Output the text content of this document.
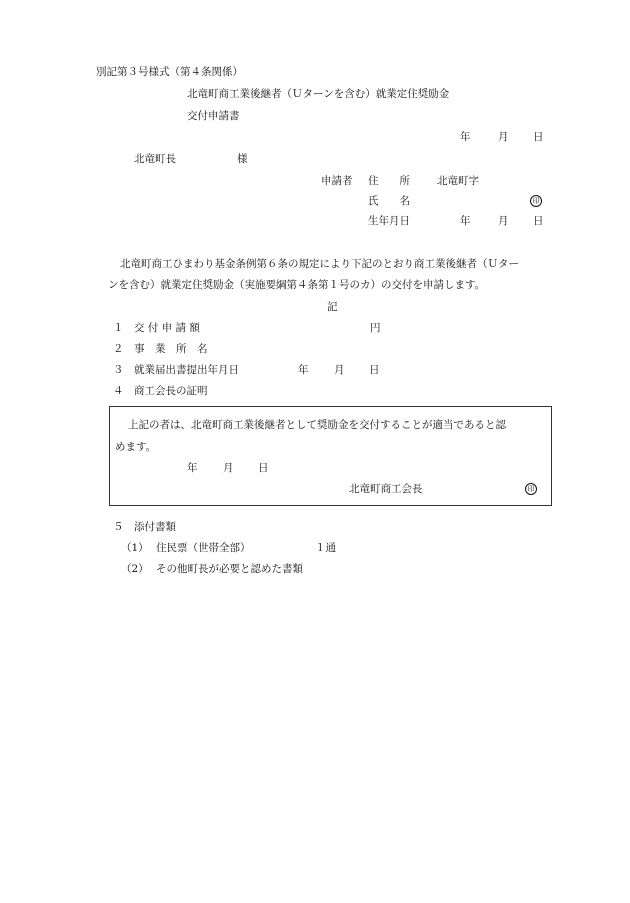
別記第３号様式（第４条関係）
北竜町商工業後継者（Ｕターンを含む）就業定住奨励金
交付申請書
年	月 日
北竜町長	様
申請者 住　　所	北竜町字
氏　　名	印
生年月日	年	月 日
北竜町商工ひまわり基金条例第６条の規定により下記のとおり商工業後継者（Ｕター
ンを含む）就業定住奨励金（実施要綱第４条第１号のカ）の交付を申請します。
記
１ 交 付 申 請 額	円
２ 事　業　所　名
３ 就業届出書提出年月日	年 月 日
４ 商工会長の証明
上記の者は、北竜町商工業後継者として奨励金を交付することが適当であると認
めます。
年 月 日
北竜町商工会長	印
５ 添付書類
（1） 住民票（世帯全部）	１通
（2） その他町長が必要と認めた書類
